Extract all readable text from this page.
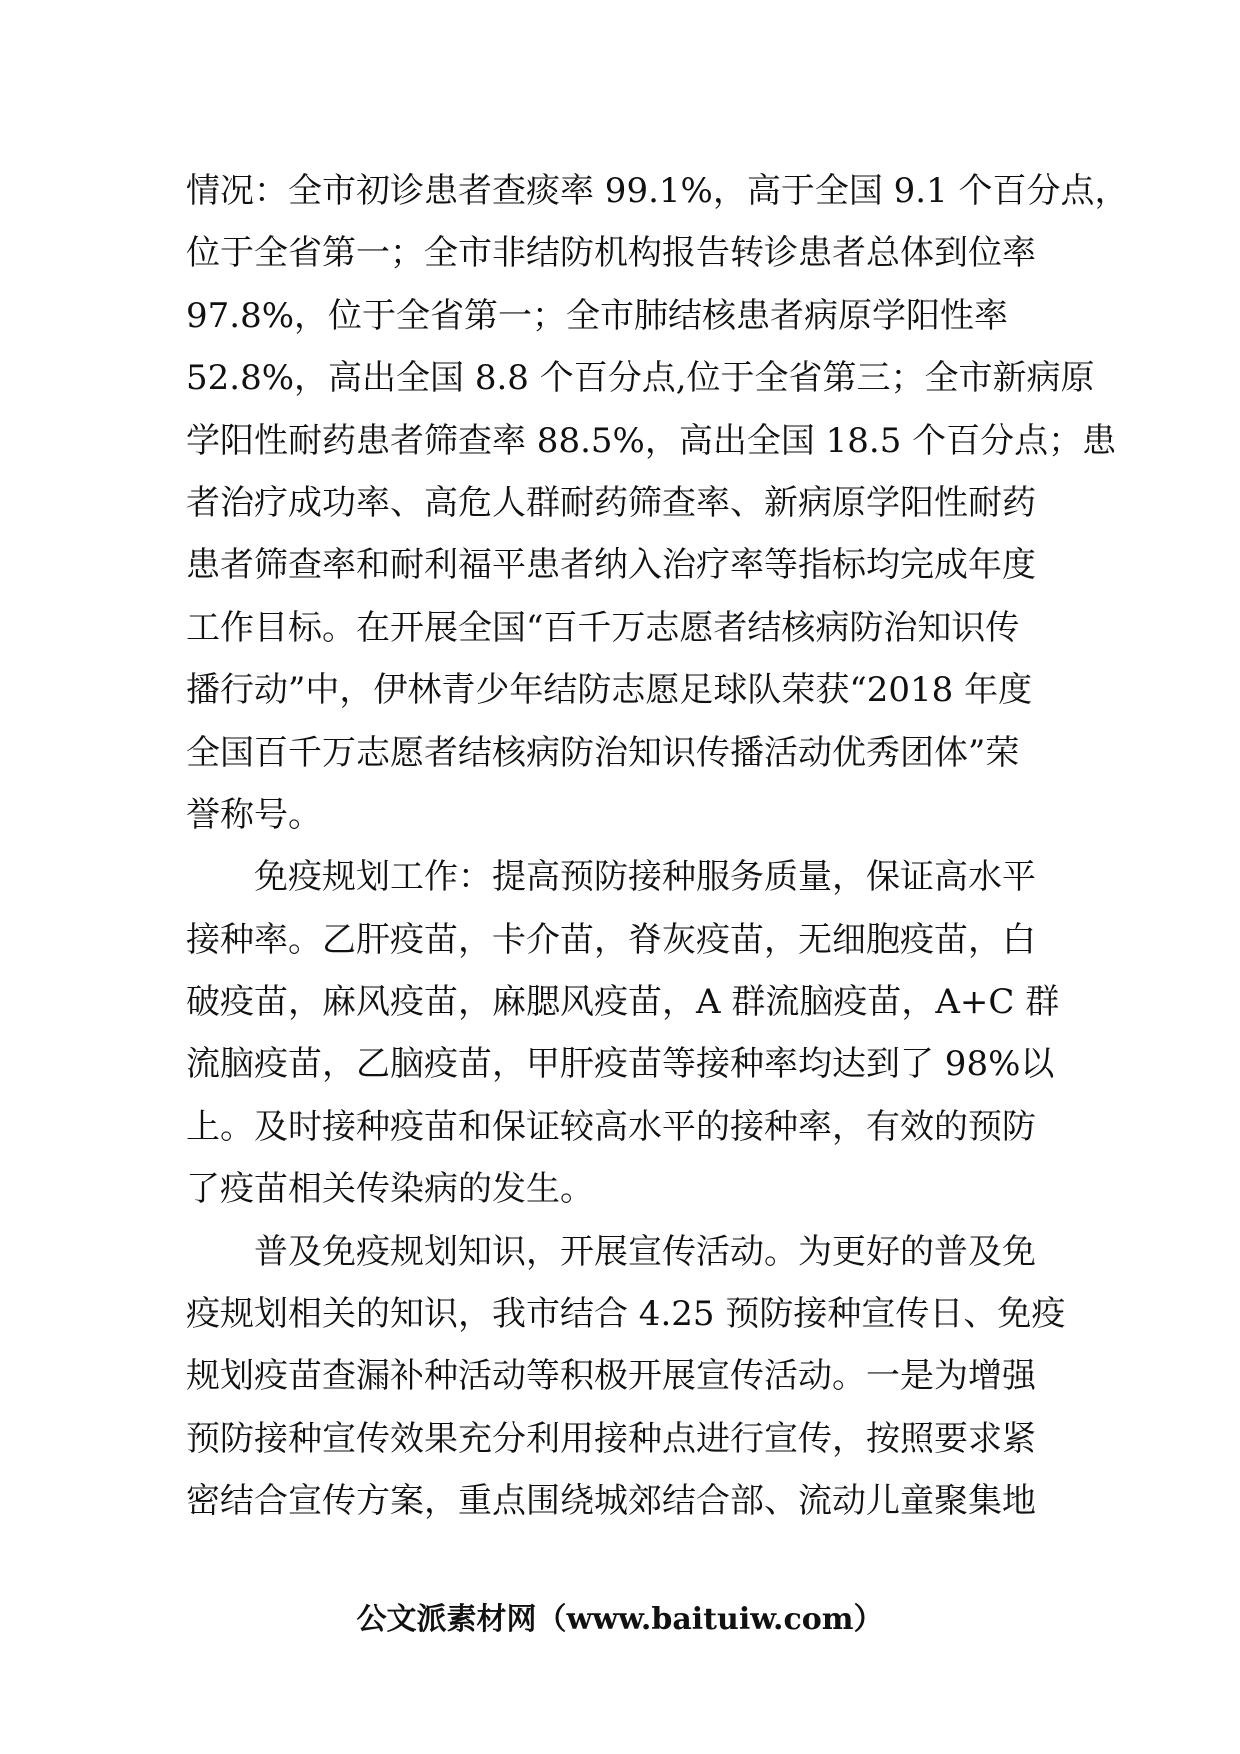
情况：全市初诊患者查痰率 99.1%，高于全国 9.1 个百分点，
位于全省第一；全市非结防机构报告转诊患者总体到位率
97.8%，位于全省第一；全市肺结核患者病原学阳性率
52.8%，高出全国 8.8 个百分点,位于全省第三；全市新病原
学阳性耐药患者筛查率 88.5%，高出全国 18.5 个百分点；患
者治疗成功率、高危人群耐药筛查率、新病原学阳性耐药
患者筛查率和耐利福平患者纳入治疗率等指标均完成年度
工作目标。在开展全国“百千万志愿者结核病防治知识传
播行动”中，伊林青少年结防志愿足球队荣获“2018 年度
全国百千万志愿者结核病防治知识传播活动优秀团体”荣
誉称号。
　　免疫规划工作：提高预防接种服务质量，保证高水平
接种率。乙肝疫苗，卡介苗，脊灰疫苗，无细胞疫苗，白
破疫苗，麻风疫苗，麻腮风疫苗，A 群流脑疫苗，A+C 群
流脑疫苗，乙脑疫苗，甲肝疫苗等接种率均达到了 98%以
上。及时接种疫苗和保证较高水平的接种率，有效的预防
了疫苗相关传染病的发生。
　　普及免疫规划知识，开展宣传活动。为更好的普及免
疫规划相关的知识，我市结合 4.25 预防接种宣传日、免疫
规划疫苗查漏补种活动等积极开展宣传活动。一是为增强
预防接种宣传效果充分利用接种点进行宣传，按照要求紧
密结合宣传方案，重点围绕城郊结合部、流动儿童聚集地
公文派素材网（www.baituiw.com）
